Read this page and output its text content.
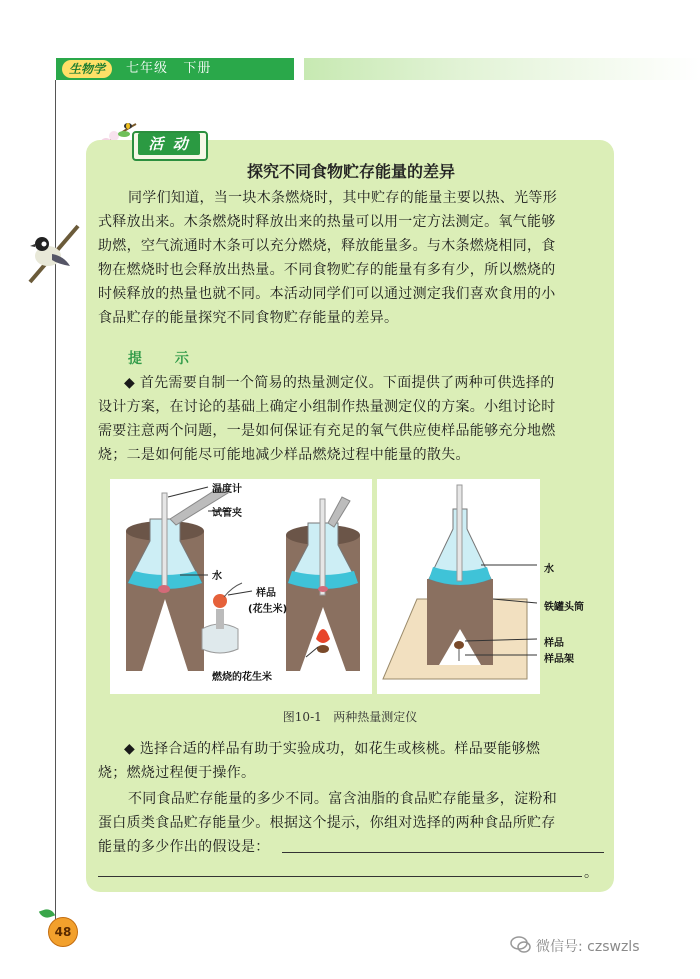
生物学	七年级   下册
活 动
探究不同食物贮存能量的差异
同学们知道，当一块木条燃烧时，其中贮存的能量主要以热、光等形
式释放出来。木条燃烧时释放出来的热量可以用一定方法测定。氧气能够
助燃，空气流通时木条可以充分燃烧，释放能量多。与木条燃烧相同，食
物在燃烧时也会释放出热量。不同食物贮存的能量有多有少，所以燃烧的
时候释放的热量也就不同。本活动同学们可以通过测定我们喜欢食用的小
食品贮存的能量探究不同食物贮存能量的差异。
提 示
◆ 首先需要自制一个简易的热量测定仪。下面提供了两种可供选择的
设计方案，在讨论的基础上确定小组制作热量测定仪的方案。小组讨论时
需要注意两个问题，一是如何保证有充足的氧气供应使样品能够充分地燃
烧；二是如何能尽可能地减少样品燃烧过程中能量的散失。
温度计
试管夹
水
样品
(花生米)
燃烧的花生米
水
铁罐头筒
样品
样品架
图10-1   两种热量测定仪
◆ 选择合适的样品有助于实验成功，如花生或核桃。样品要能够燃
烧；燃烧过程便于操作。
不同食品贮存能量的多少不同。富含油脂的食品贮存能量多，淀粉和
蛋白质类食品贮存能量少。根据这个提示，你组对选择的两种食品所贮存
能量的多少作出的假设是：
。
48
微信号: czswzls
